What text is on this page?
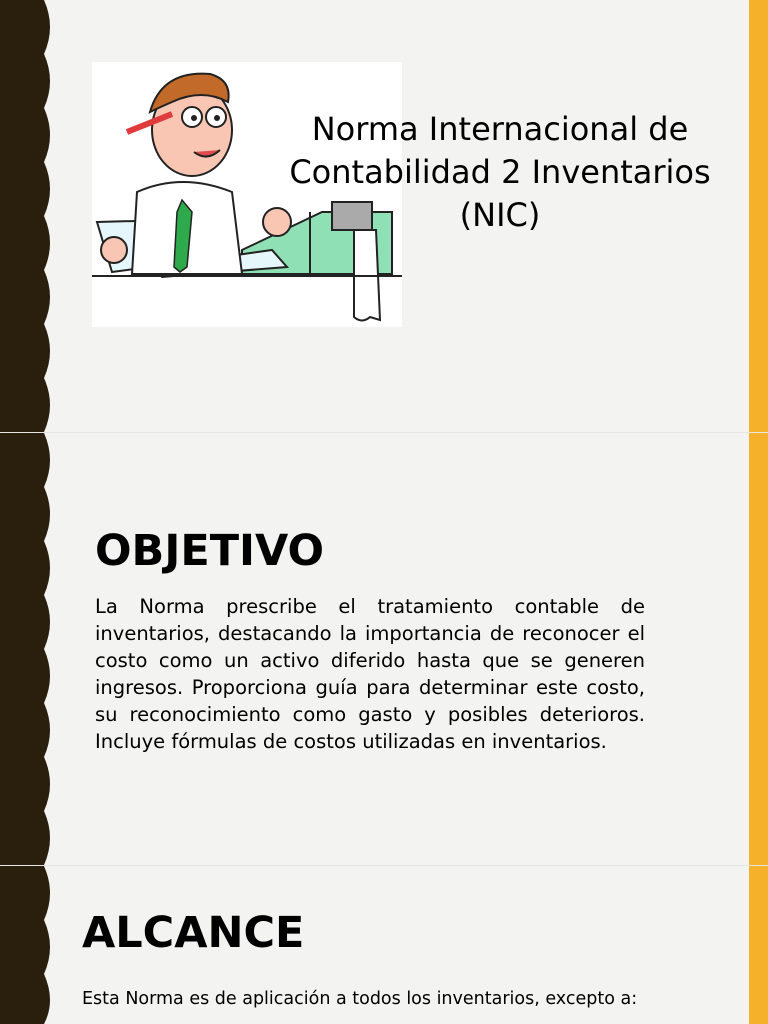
Norma Internacional de Contabilidad 2 Inventarios (NIC)
OBJETIVO

La Norma prescribe el tratamiento contable de inventarios, destacando la importancia de reconocer el costo como un activo diferido hasta que se generen ingresos. Proporciona guía para determinar este costo, su reconocimiento como gasto y posibles deterioros. Incluye fórmulas de costos utilizadas en inventarios.

ALCANCE

Esta Norma es de aplicación a todos los inventarios, excepto a:
